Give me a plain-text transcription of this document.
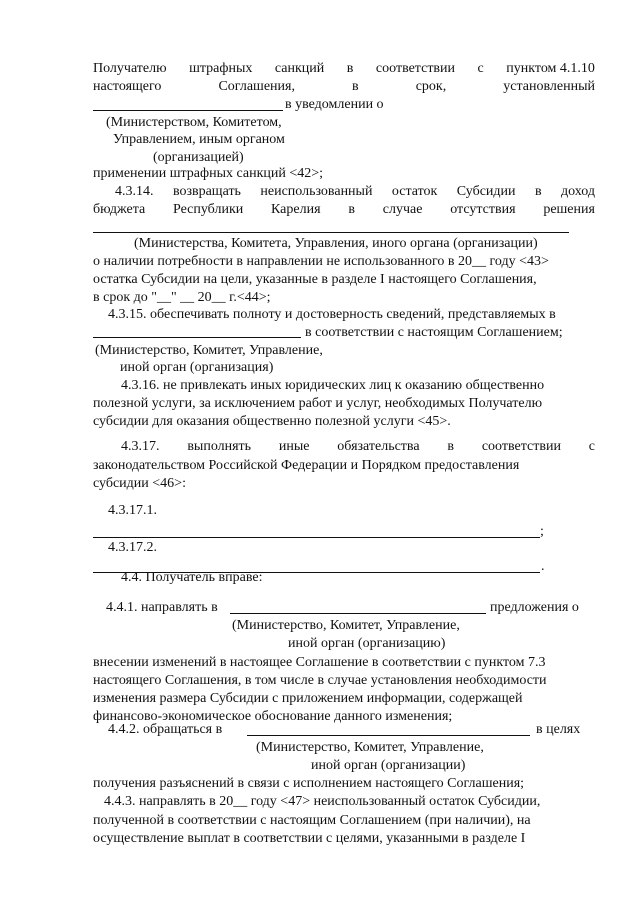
Получателю штрафных санкций в соответствии с пунктом 4.1.10
настоящего	Соглашения,	в	срок,	установленный
в уведомлении о
(Министерством, Комитетом,
Управлением, иным органом
(организацией)
применении штрафных санкций <42>;
4.3.14. возвращать неиспользованный остаток Субсидии в доход
бюджета Республики Карелия в случае отсутствия решения
(Министерства, Комитета, Управления, иного органа (организации)
о наличии потребности в направлении не использованного в 20__ году <43>
остатка Субсидии на цели, указанные в разделе I настоящего Соглашения,
в срок до "__" __ 20__ г.<44>;
4.3.15. обеспечивать полноту и достоверность сведений, представляемых в
в соответствии с настоящим Соглашением;
(Министерство, Комитет, Управление,
иной орган (организация)
4.3.16. не привлекать иных юридических лиц к оказанию общественно
полезной услуги, за исключением работ и услуг, необходимых Получателю
субсидии для оказания общественно полезной услуги <45>.
4.3.17. выполнять иные обязательства в соответствии с
законодательством Российской Федерации и Порядком предоставления
субсидии <46>:
4.3.17.1.
;
4.3.17.2.
.
4.4. Получатель вправе:
4.4.1. направлять в	предложения о
(Министерство, Комитет, Управление,
иной орган (организацию)
внесении изменений в настоящее Соглашение в соответствии с пунктом 7.3
настоящего Соглашения, в том числе в случае установления необходимости
изменения размера Субсидии с приложением информации, содержащей
финансово-экономическое обоснование данного изменения;
4.4.2. обращаться в	в целях
(Министерство, Комитет, Управление,
иной орган (организации)
получения разъяснений в связи с исполнением настоящего Соглашения;
4.4.3. направлять в 20__ году <47> неиспользованный остаток Субсидии,
полученной в соответствии с настоящим Соглашением (при наличии), на
осуществление выплат в соответствии с целями, указанными в разделе I
